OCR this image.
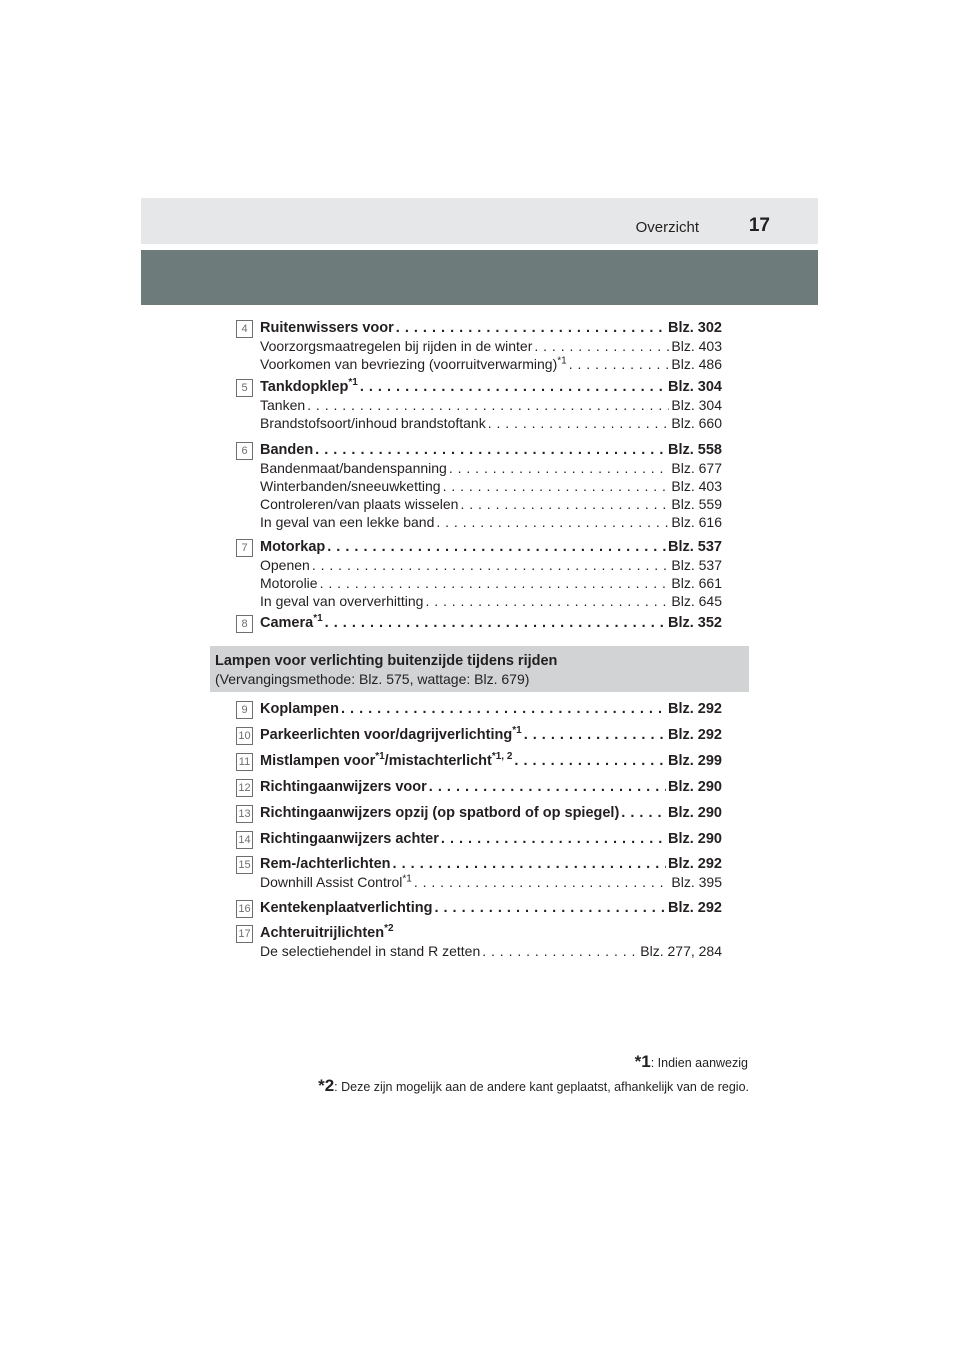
Overzicht	17
4 Ruitenwissers voor . . .	Blz. 302
Voorzorgsmaatregelen bij rijden in de winter . . .	Blz. 403
Voorkomen van bevriezing (voorruitverwarming)$^{*1}$ . . .	Blz. 486
5 Tankdopklep$^{*1}$ . . .	Blz. 304
Tanken . . .	Blz. 304
Brandstofsoort/inhoud brandstoftank . . .	Blz. 660
6 Banden . . .	Blz. 558
Bandenmaat/bandenspanning . . .	Blz. 677
Winterbanden/sneeuwketting . . .	Blz. 403
Controleren/van plaats wisselen . . .	Blz. 559
In geval van een lekke band . . .	Blz. 616
7 Motorkap . . .	Blz. 537
Openen . . .	Blz. 537
Motorolie . . .	Blz. 661
In geval van oververhitting . . .	Blz. 645
8 Camera$^{*1}$ . . .	Blz. 352
9 Koplampen . . .	Blz. 292
10 Parkeerlichten voor/dagrijverlichting$^{*1}$ . . .	Blz. 292
11 Mistlampen voor$^{*1}$/mistachterlicht$^{*1, 2}$ . . .	Blz. 299
12 Richtingaanwijzers voor . . .	Blz. 290
13 Richtingaanwijzers opzij (op spatbord of op spiegel) . . .	Blz. 290
14 Richtingaanwijzers achter . . .	Blz. 290
15 Rem-/achterlichten . . .	Blz. 292
Downhill Assist Control$^{*1}$ . . .	Blz. 395
16 Kentekenplaatverlichting . . .	Blz. 292
17 Achteruitrijlichten$^{*2}$
De selectiehendel in stand R zetten . . .	Blz. 277, 284
Lampen voor verlichting buitenzijde tijdens rijden
(Vervangingsmethode: Blz. 575, wattage: Blz. 679)
*1: Indien aanwezig
*2: Deze zijn mogelijk aan de andere kant geplaatst, afhankelijk van de regio.
